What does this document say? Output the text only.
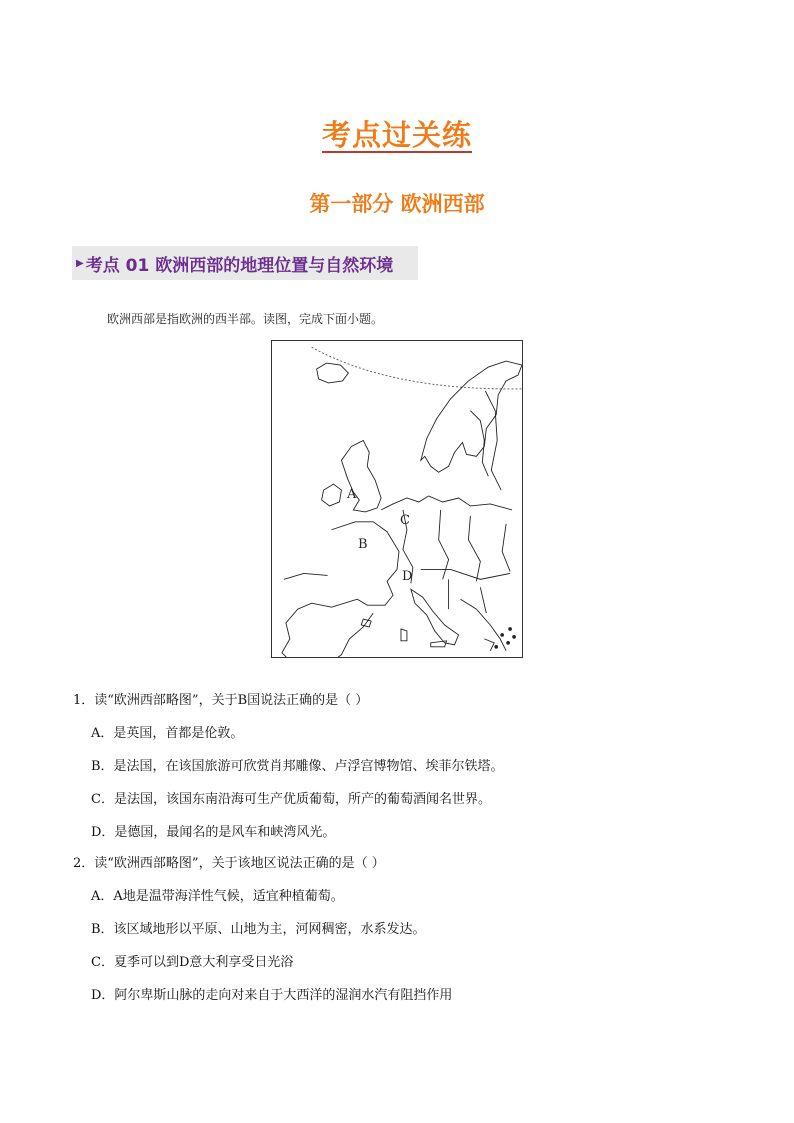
考点过关练
第一部分 欧洲西部
▶ 考点 01 欧洲西部的地理位置与自然环境
欧洲西部是指欧洲的西半部。读图，完成下面小题。
A
B
C
D
1．读“欧洲西部略图”，关于B国说法正确的是（ ）
A．是英国，首都是伦敦。
B．是法国，在该国旅游可欣赏肖邦雕像、卢浮宫博物馆、埃菲尔铁塔。
C．是法国，该国东南沿海可生产优质葡萄，所产的葡萄酒闻名世界。
D．是德国，最闻名的是风车和峡湾风光。
2．读“欧洲西部略图”，关于该地区说法正确的是（ ）
A．A地是温带海洋性气候，适宜种植葡萄。
B．该区域地形以平原、山地为主，河网稠密，水系发达。
C．夏季可以到D意大利享受日光浴
D．阿尔卑斯山脉的走向对来自于大西洋的湿润水汽有阻挡作用
